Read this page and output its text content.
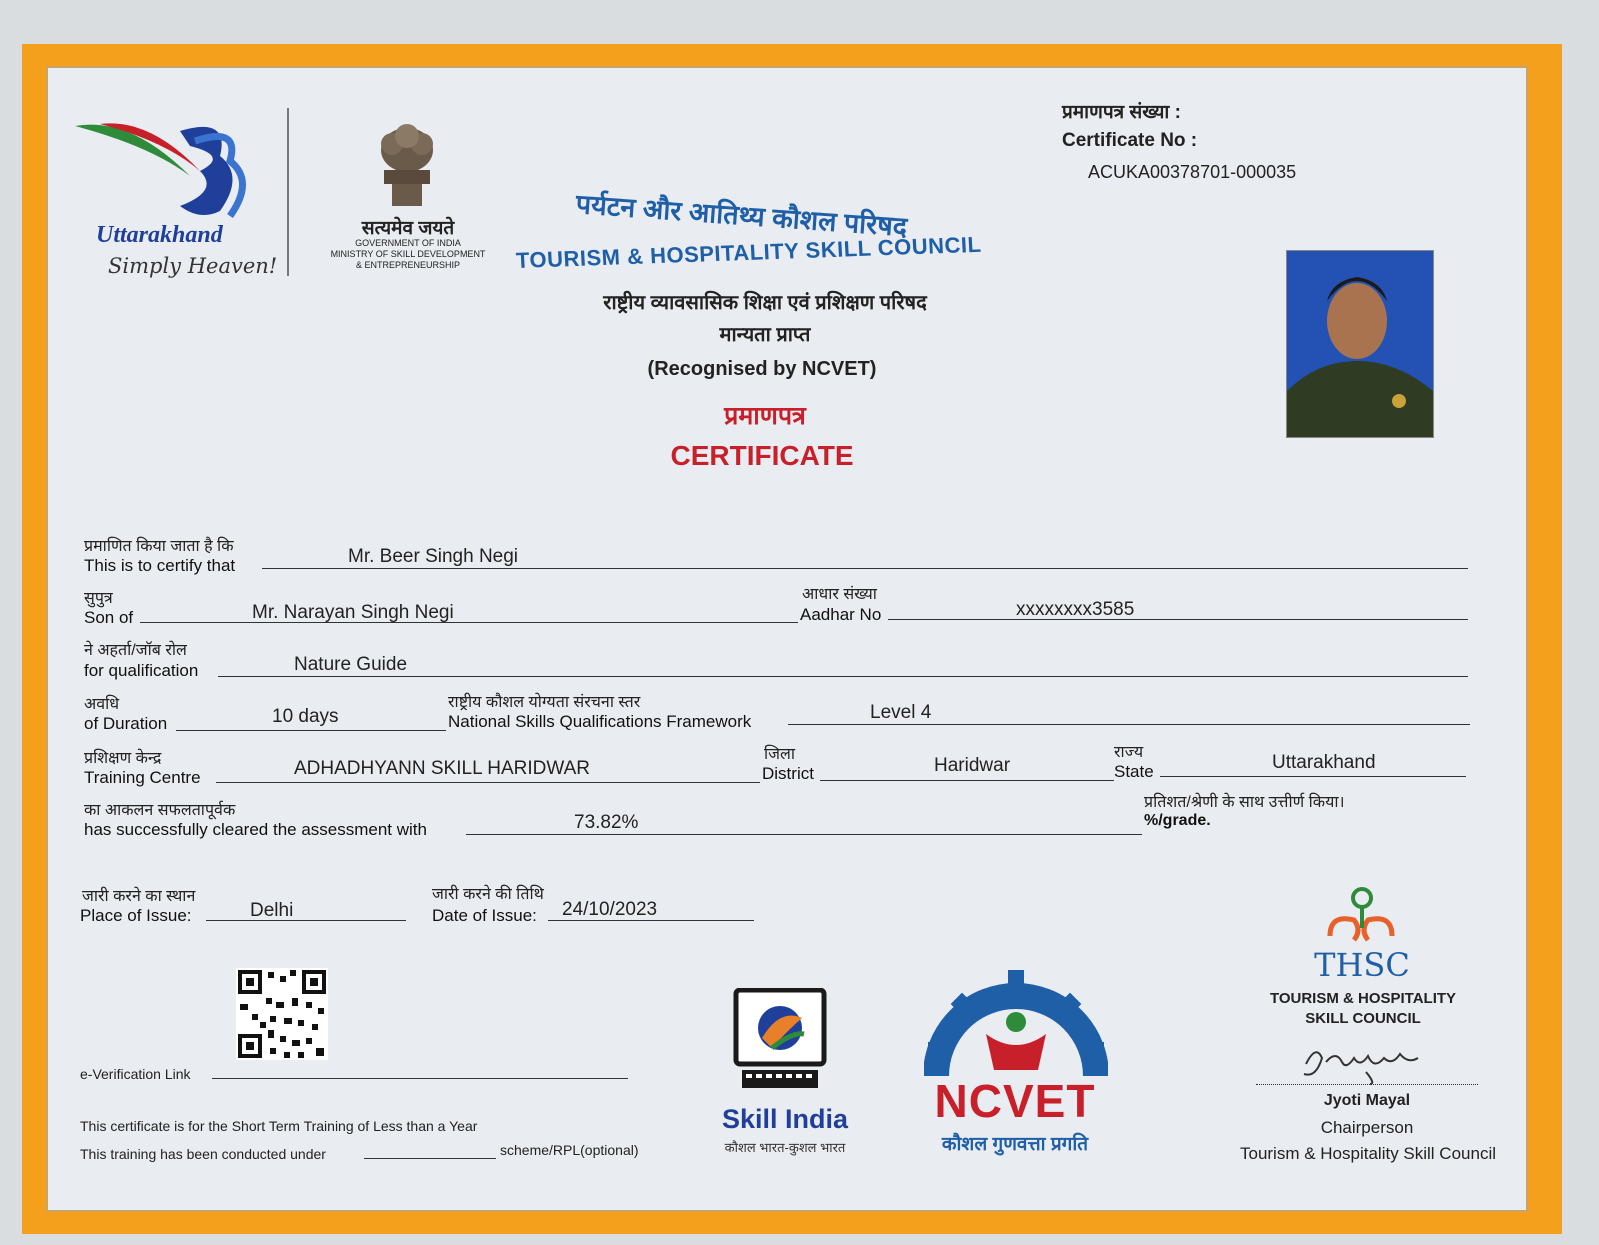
Uttarakhand
Simply Heaven!
सत्यमेव जयते
GOVERNMENT OF INDIA
MINISTRY OF SKILL DEVELOPMENT
& ENTREPRENEURSHIP
पर्यटन और आतिथ्य कौशल परिषद
TOURISM & HOSPITALITY SKILL COUNCIL
राष्ट्रीय व्यावसासिक शिक्षा एवं प्रशिक्षण परिषद
मान्यता प्राप्त
(Recognised by NCVET)
प्रमाणपत्र
CERTIFICATE
प्रमाणपत्र संख्या :
Certificate No :
ACUKA00378701-000035
प्रमाणित किया जाता है कि
This is to certify that	Mr. Beer Singh Negi
सुपुत्र
Son of	Mr. Narayan Singh Negi
आधार संख्या
Aadhar No	xxxxxxxx3585
ने अहर्ता/जॉब रोल
for qualification	Nature Guide
अवधि
of Duration	10 days
राष्ट्रीय कौशल योग्यता संरचना स्तर
National Skills Qualifications Framework	Level 4
प्रशिक्षण केन्द्र
Training Centre	ADHADHYANN SKILL HARIDWAR
जिला
District	Haridwar
राज्य
State	Uttarakhand
का आकलन सफलतापूर्वक
has successfully cleared the assessment with	73.82%
प्रतिशत/श्रेणी के साथ उत्तीर्ण किया।
%/grade.
जारी करने का स्थान
Place of Issue:	Delhi
जारी करने की तिथि
Date of Issue: 24/10/2023
e-Verification Link
This certificate is for the Short Term Training of Less than a Year
This training has been conducted under	scheme/RPL(optional)
Skill India
कौशल भारत-कुशल भारत
NCVET
कौशल गुणवत्ता प्रगति
THSC
TOURISM & HOSPITALITY
SKILL COUNCIL
Jyoti Mayal
Chairperson
Tourism & Hospitality Skill Council
